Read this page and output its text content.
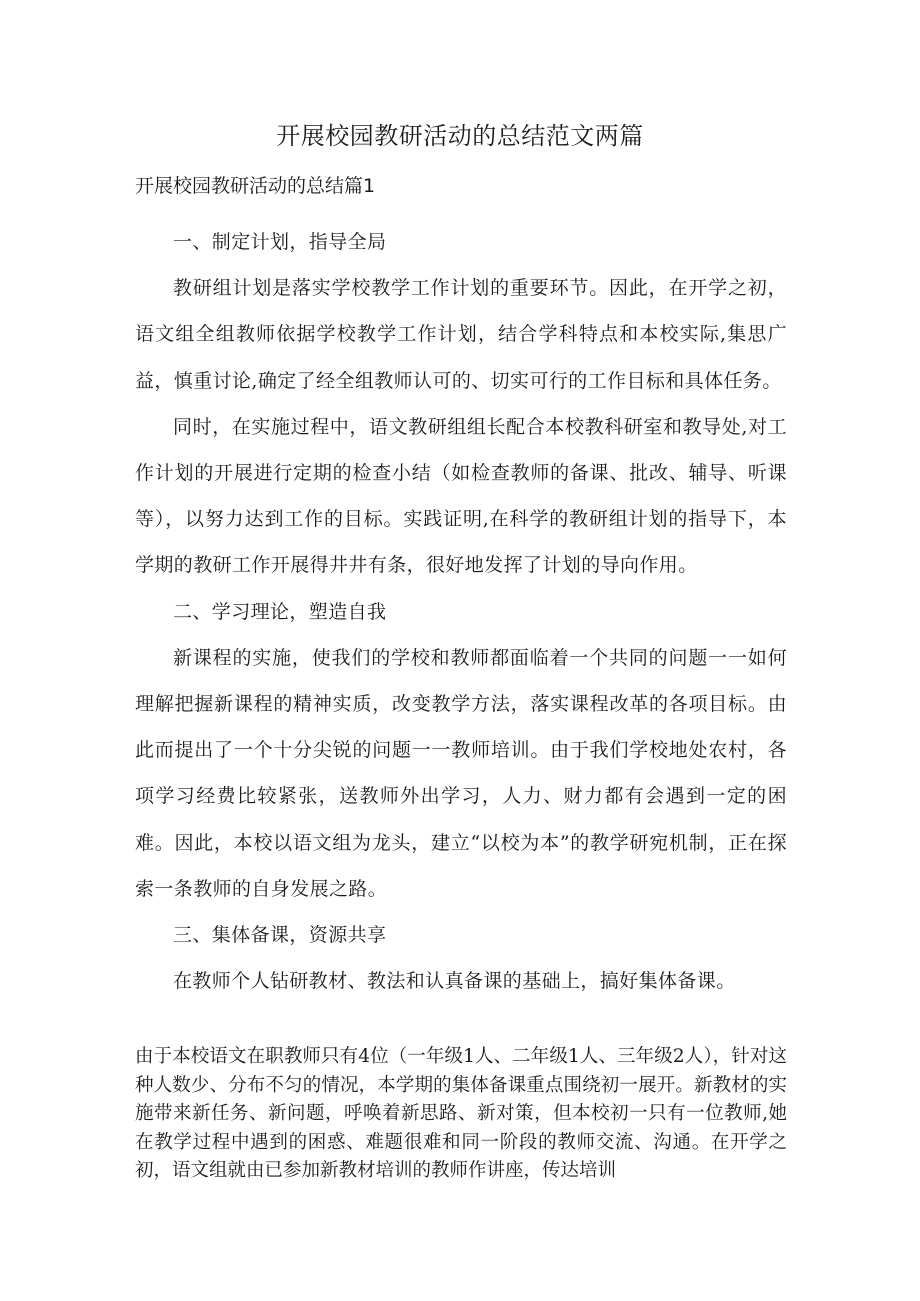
开展校园教研活动的总结范文两篇
开展校园教研活动的总结篇1

一、制定计划，指导全局

教研组计划是落实学校教学工作计划的重要环节。因此，在开学之初，语文组全组教师依据学校教学工作计划，结合学科特点和本校实际,集思广益，慎重讨论,确定了经全组教师认可的、切实可行的工作目标和具体任务。

同时，在实施过程中，语文教研组组长配合本校教科研室和教导处,对工作计划的开展进行定期的检查小结（如检查教师的备课、批改、辅导、听课等），以努力达到工作的目标。实践证明,在科学的教研组计划的指导下，本学期的教研工作开展得井井有条，很好地发挥了计划的导向作用。

二、学习理论，塑造自我

新课程的实施，使我们的学校和教师都面临着一个共同的问题一一如何理解把握新课程的精神实质，改变教学方法，落实课程改革的各项目标。由此而提出了一个十分尖锐的问题一一教师培训。由于我们学校地处农村，各项学习经费比较紧张，送教师外出学习，人力、财力都有会遇到一定的困难。因此，本校以语文组为龙头，建立“以校为本”的教学研宛机制，正在探索一条教师的自身发展之路。

三、集体备课，资源共享

在教师个人钻研教材、教法和认真备课的基础上，搞好集体备课。

由于本校语文在职教师只有4位（一年级1人、二年级1人、三年级2人），针对这种人数少、分布不匀的情况，本学期的集体备课重点围绕初一展开。新教材的实施带来新任务、新问题，呼唤着新思路、新对策，但本校初一只有一位教师,她在教学过程中遇到的困惑、难题很难和同一阶段的教师交流、沟通。在开学之初，语文组就由已参加新教材培训的教师作讲座，传达培训
